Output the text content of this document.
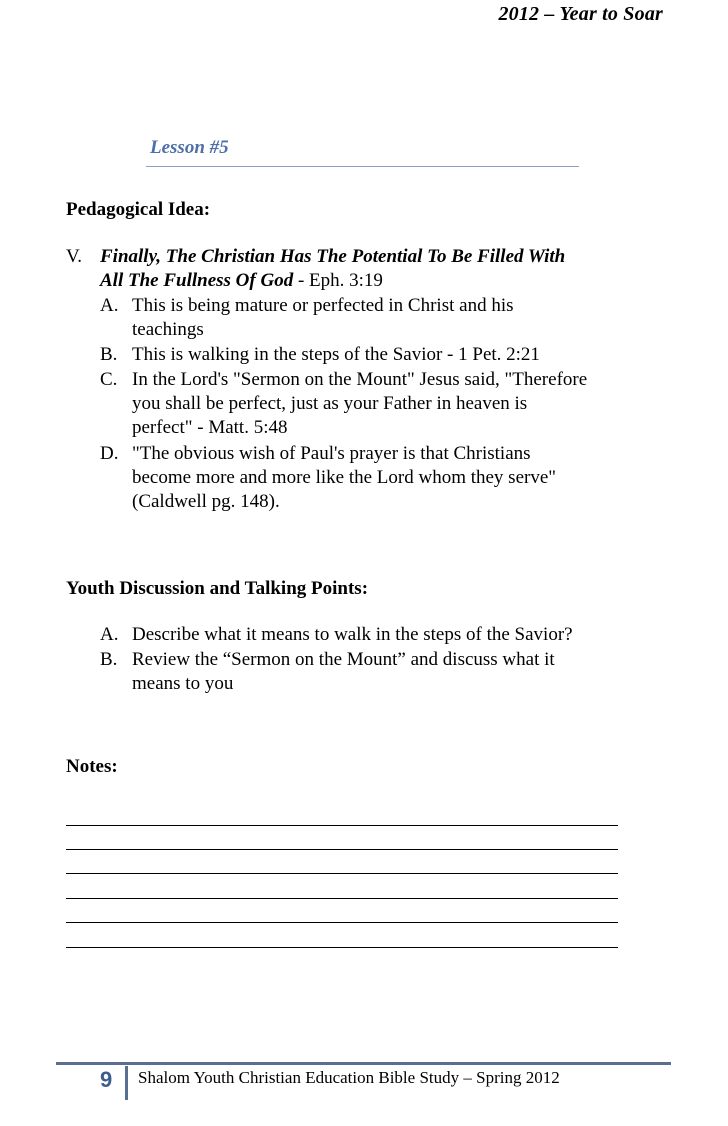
2012 – Year to Soar
Lesson #5
Pedagogical Idea:
V. Finally, The Christian Has The Potential To Be Filled With
All The Fullness Of God - Eph. 3:19
A. This is being mature or perfected in Christ and his
teachings
B. This is walking in the steps of the Savior - 1 Pet. 2:21
C. In the Lord's "Sermon on the Mount" Jesus said, "Therefore
you shall be perfect, just as your Father in heaven is
perfect" - Matt. 5:48
D. "The obvious wish of Paul's prayer is that Christians
become more and more like the Lord whom they serve"
(Caldwell pg. 148).
Youth Discussion and Talking Points:
A. Describe what it means to walk in the steps of the Savior?
B. Review the “Sermon on the Mount” and discuss what it
means to you
Notes:
9 Shalom Youth Christian Education Bible Study – Spring 2012
